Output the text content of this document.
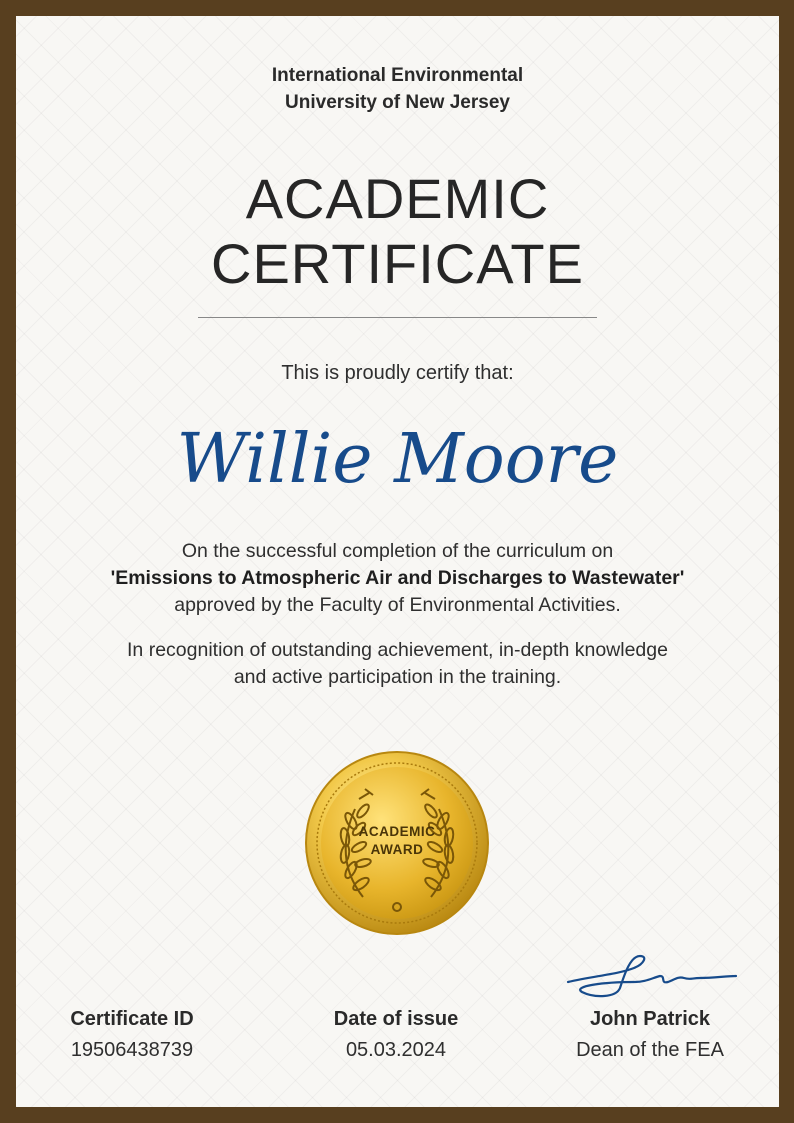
International Environmental
University of New Jersey
ACADEMIC
CERTIFICATE
This is proudly certify that:
Willie Moore
On the successful completion of the curriculum on
'Emissions to Atmospheric Air and Discharges to Wastewater'
approved by the Faculty of Environmental Activities.
In recognition of outstanding achievement, in-depth knowledge
and active participation in the training.
ACADEMIC
AWARD
Certificate ID
19506438739
Date of issue
05.03.2024
John Patrick
Dean of the FEA
